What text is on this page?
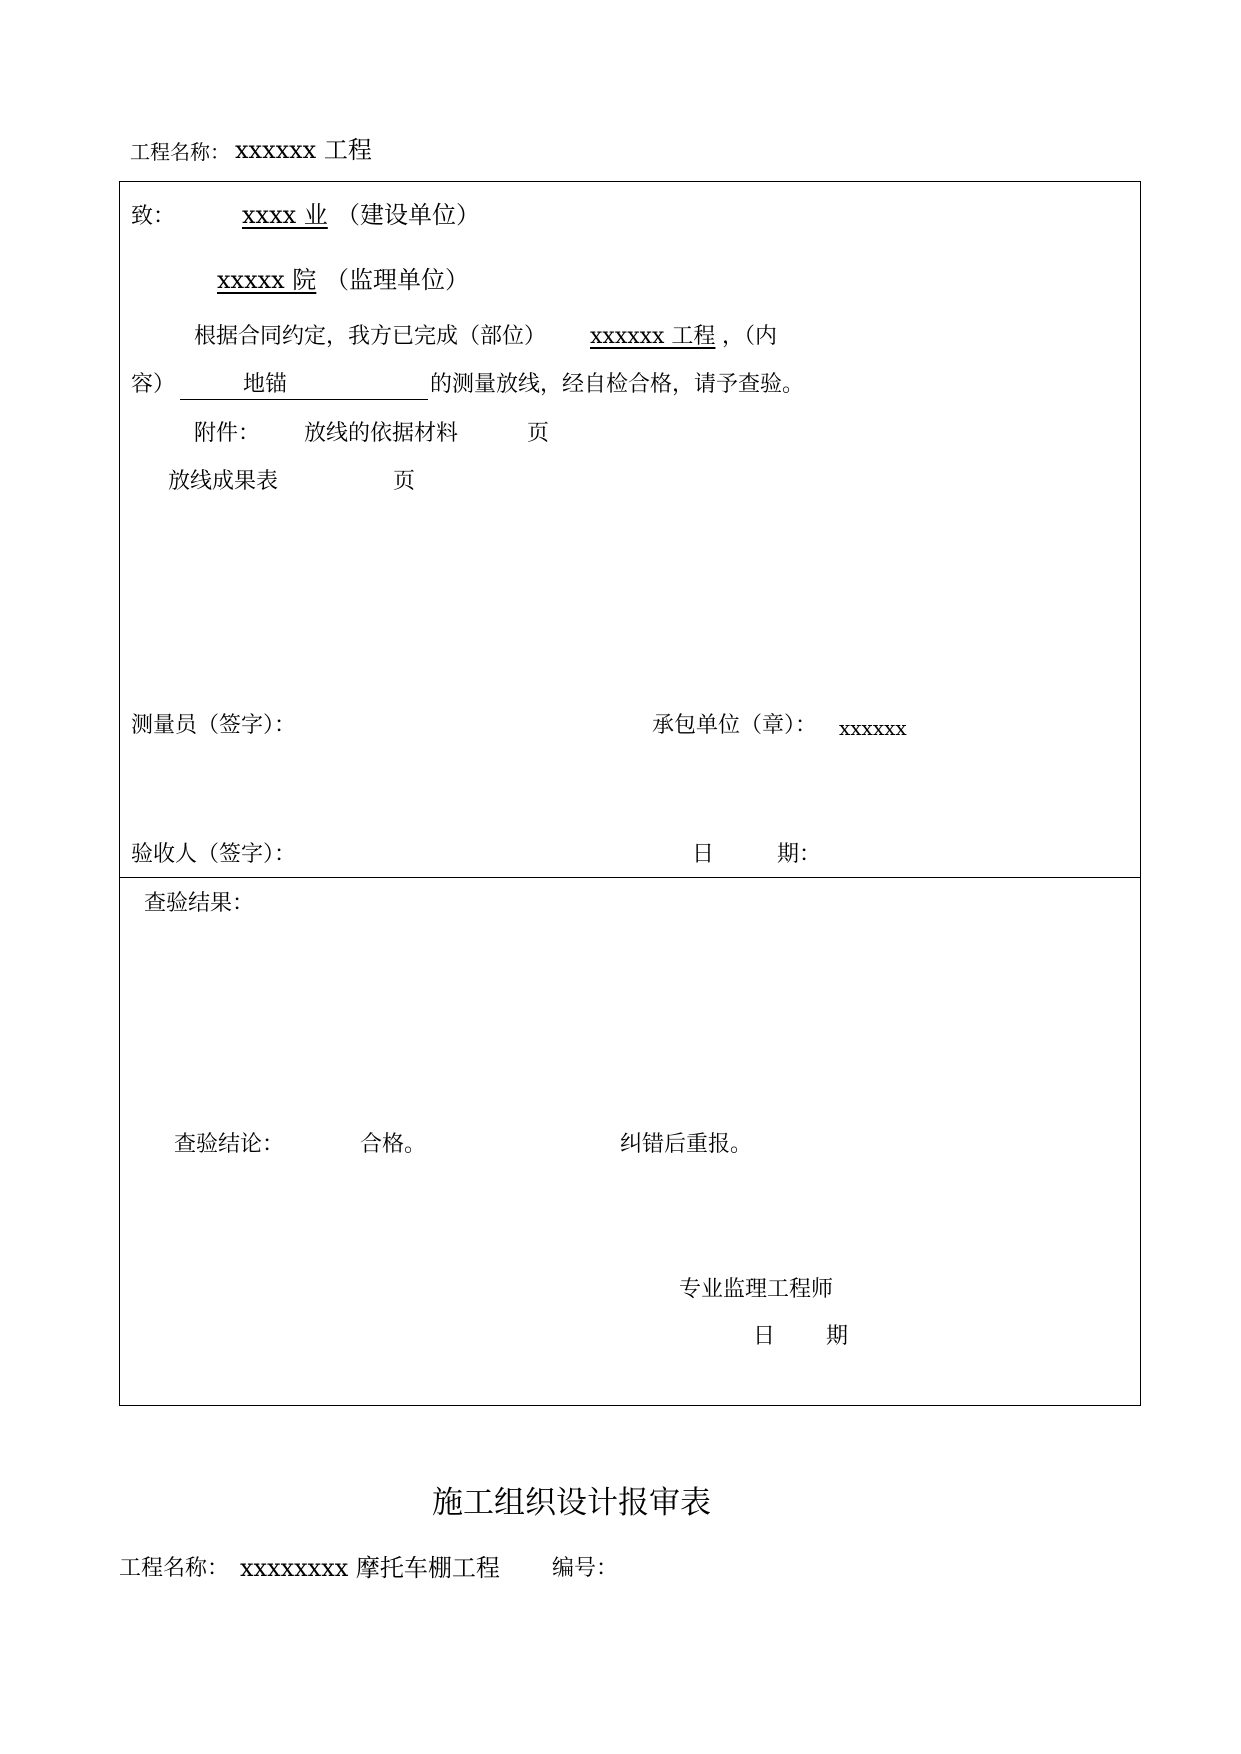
工程名称： xxxxxx 工程
致：	xxxx 业 （建设单位）
xxxxx 院 （监理单位）
根据合同约定，我方已完成（部位） xxxxxx 工程 ，（内
容）	地锚	的测量放线，经自检合格，请予查验。
附件： 放线的依据材料	页
放线成果表	页
测量员（签字）：	承包单位（章）： xxxxxx
验收人（签字）：	日	期：
查验结果：
查验结论：	合格。	纠错后重报。
专业监理工程师
日 期
施工组织设计报审表
工程名称： xxxxxxxx 摩托车棚工程 编号：
